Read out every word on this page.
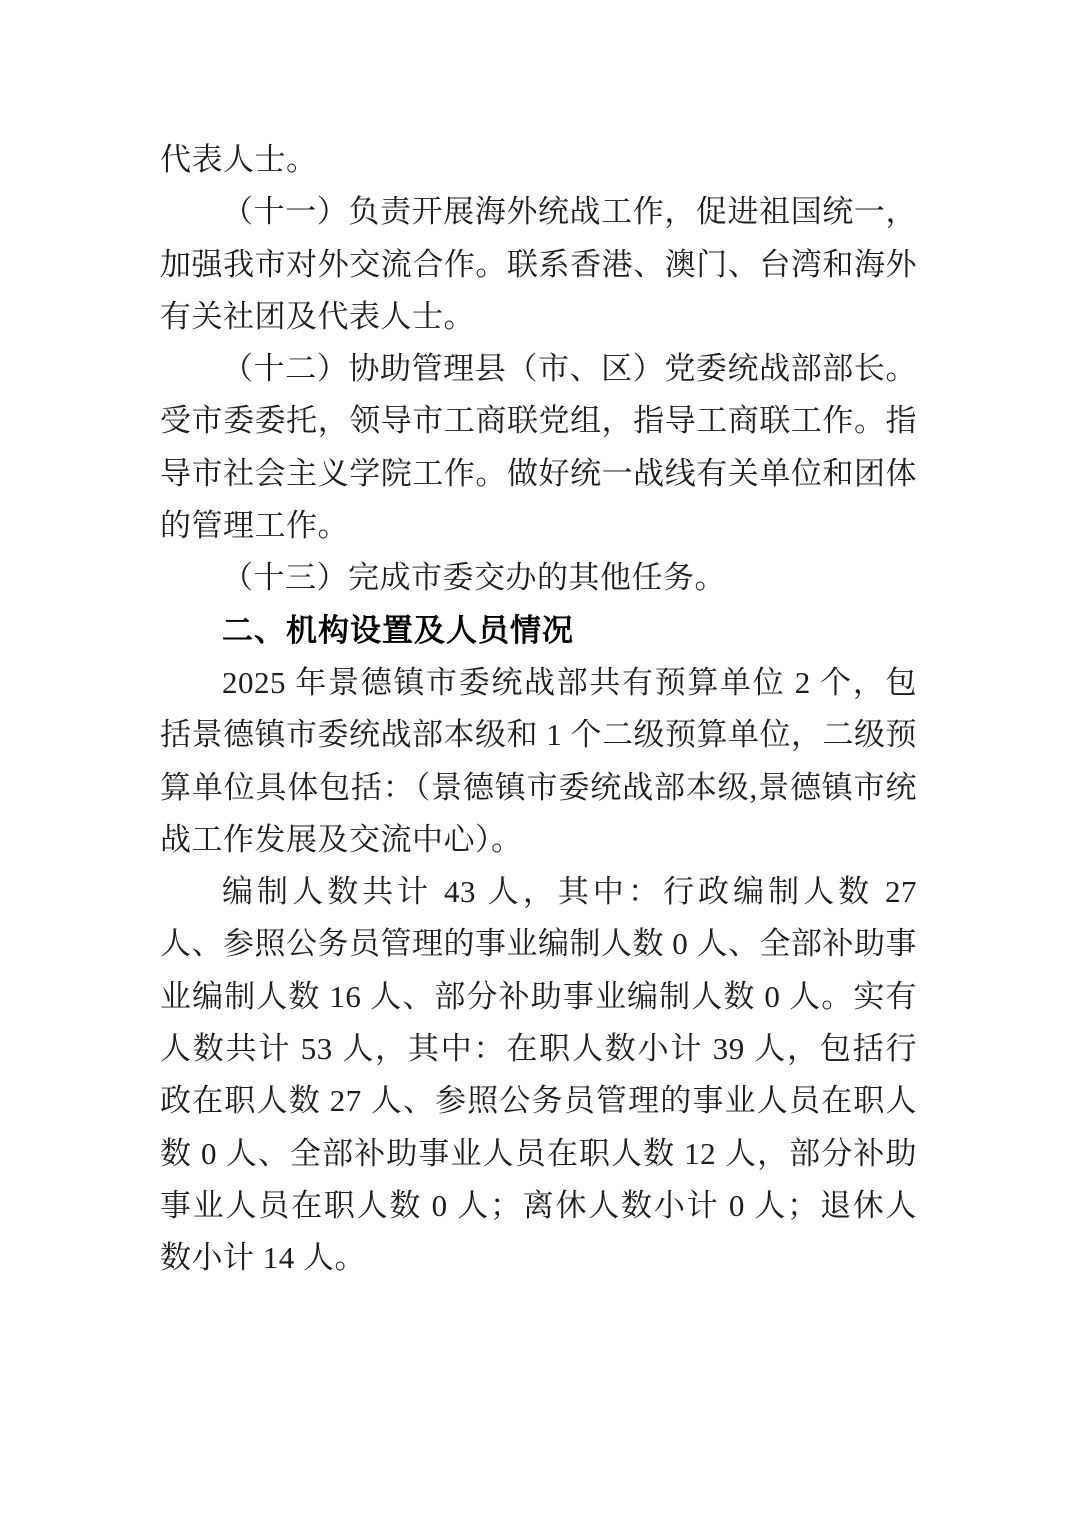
代表人士。

（十一）负责开展海外统战工作，促进祖国统一，加强我市对外交流合作。联系香港、澳门、台湾和海外有关社团及代表人士。

（十二）协助管理县（市、区）党委统战部部长。受市委委托，领导市工商联党组，指导工商联工作。指导市社会主义学院工作。做好统一战线有关单位和团体的管理工作。

（十三）完成市委交办的其他任务。

二、机构设置及人员情况

2025 年景德镇市委统战部共有预算单位 2 个，包括景德镇市委统战部本级和 1 个二级预算单位，二级预算单位具体包括：（景德镇市委统战部本级,景德镇市统战工作发展及交流中心）。

编制人数共计 43 人，其中：行政编制人数 27 人、参照公务员管理的事业编制人数 0 人、全部补助事业编制人数 16 人、部分补助事业编制人数 0 人。实有人数共计 53 人，其中：在职人数小计 39 人，包括行政在职人数 27 人、参照公务员管理的事业人员在职人数 0 人、全部补助事业人员在职人数 12 人，部分补助事业人员在职人数 0 人；离休人数小计 0 人；退休人数小计 14 人。
